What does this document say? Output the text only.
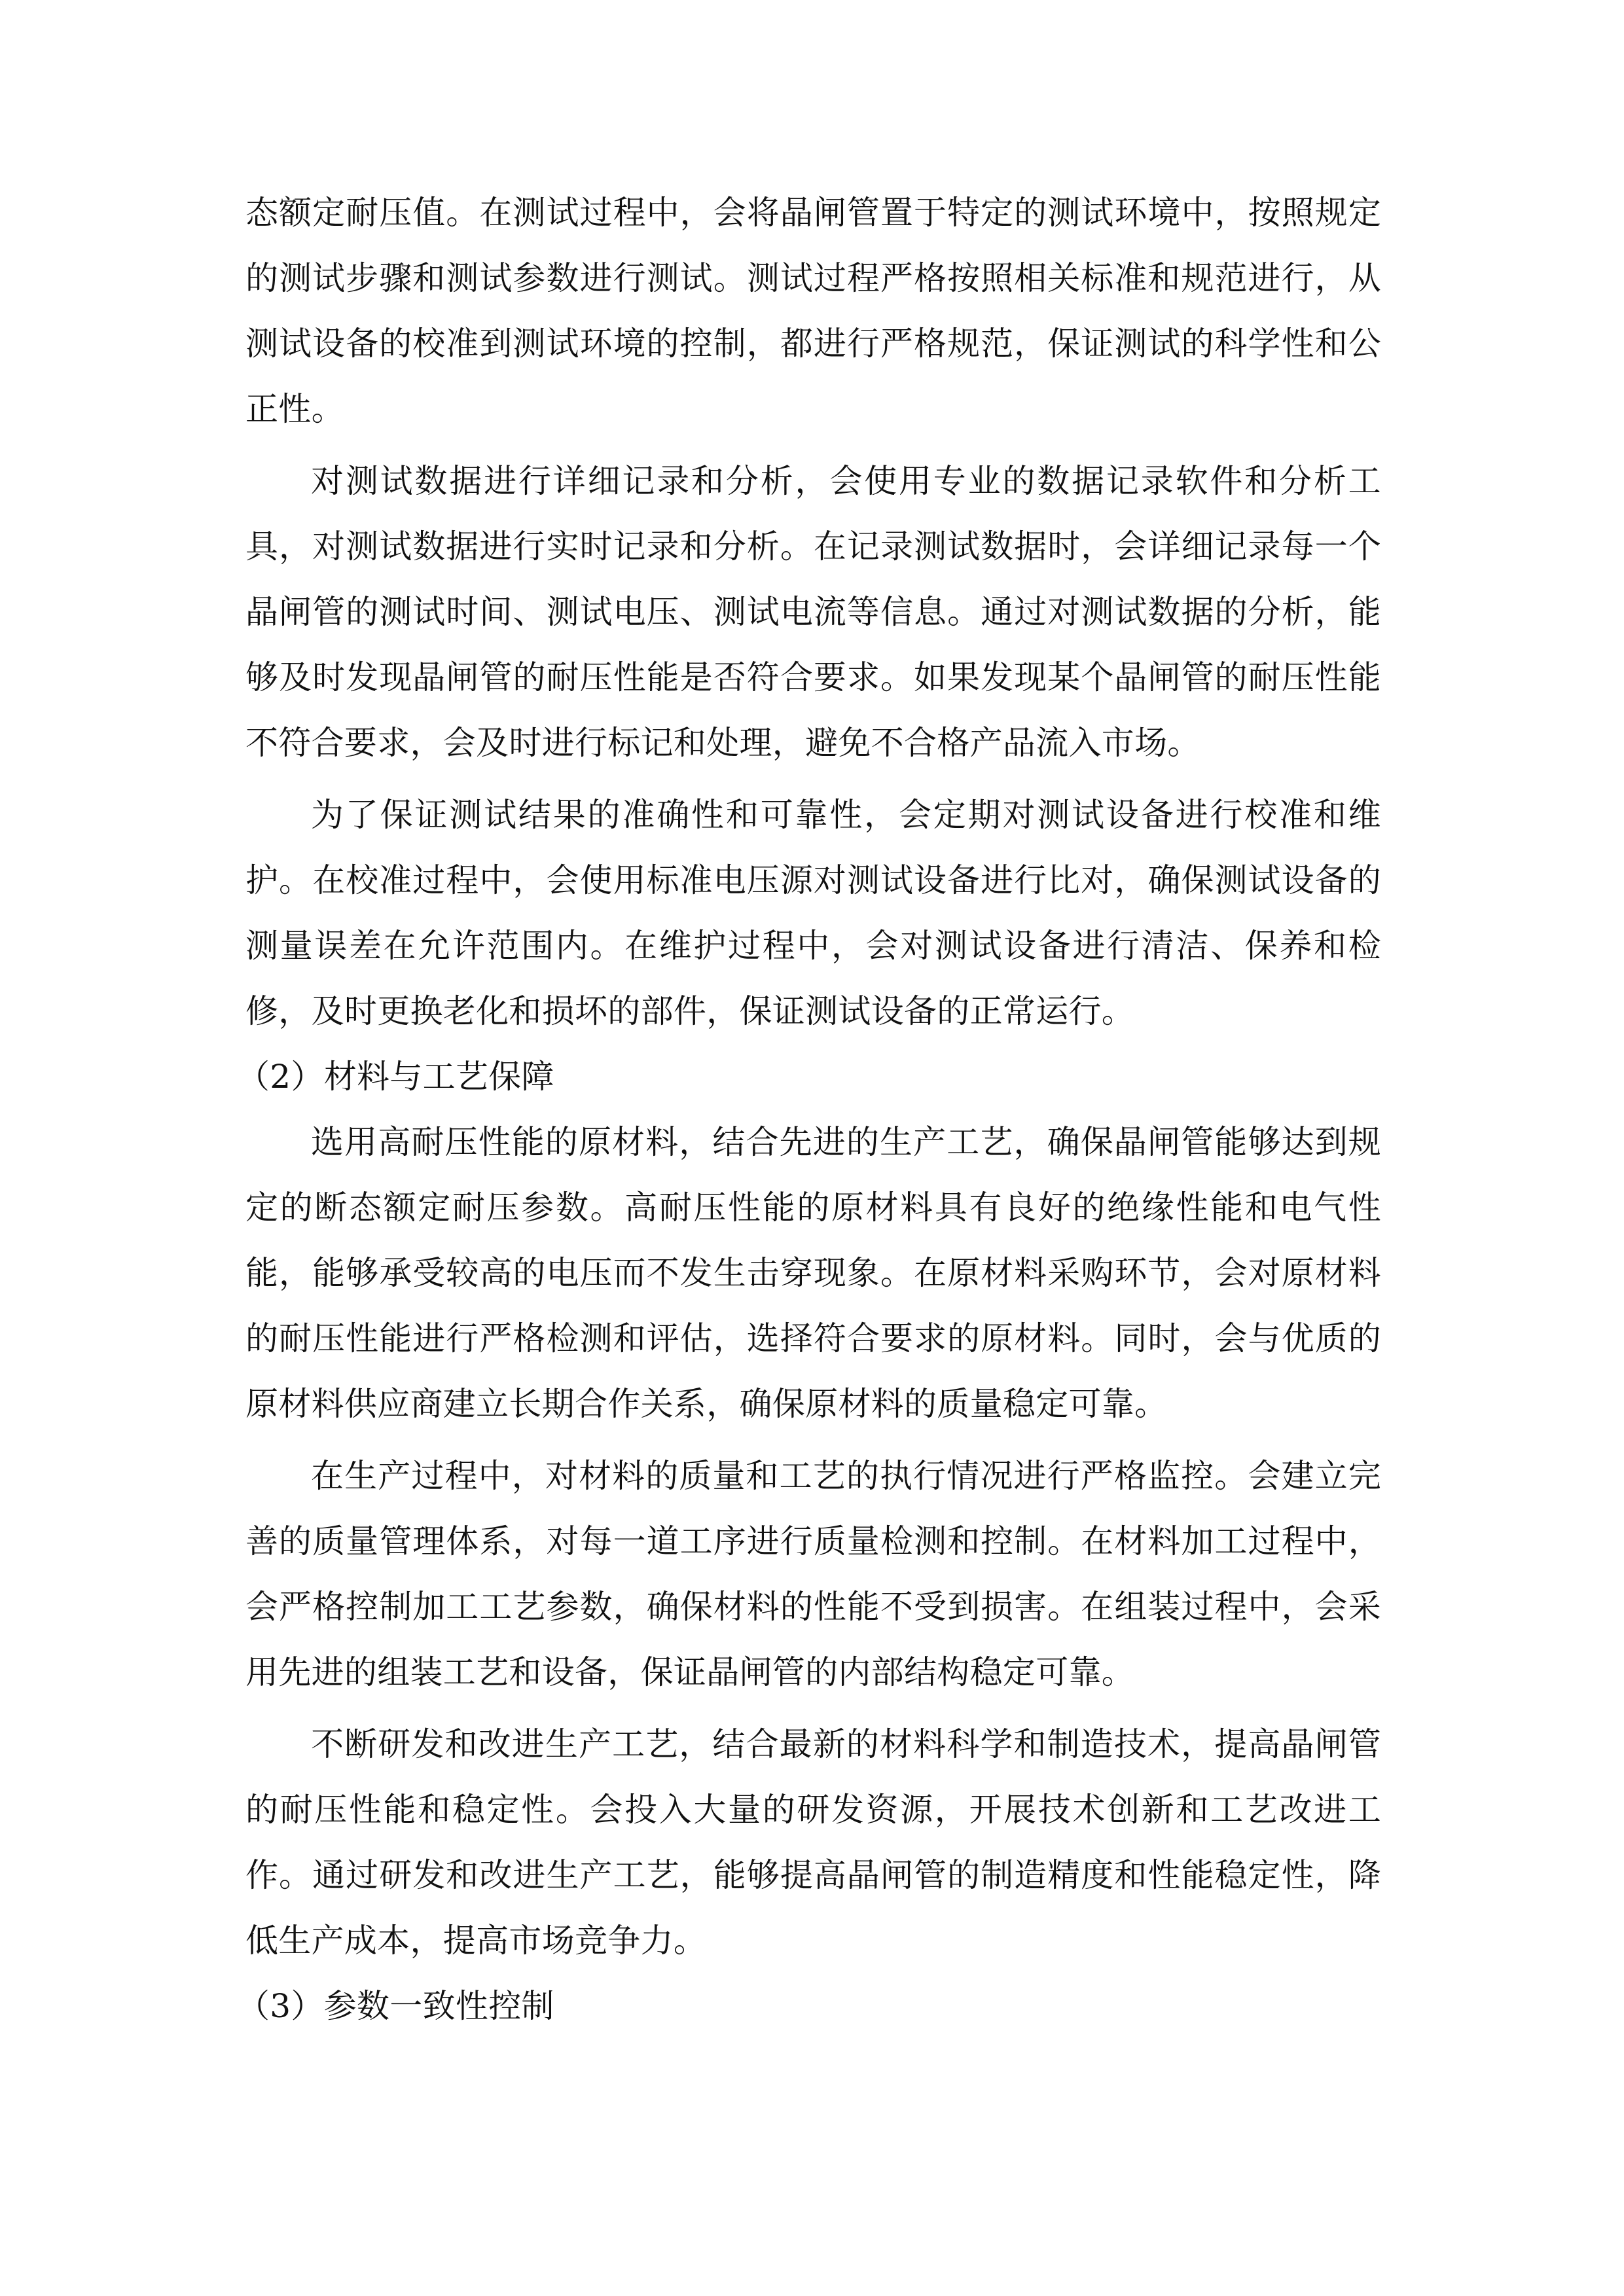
态额定耐压值。在测试过程中，会将晶闸管置于特定的测试环境中，按照规定
的测试步骤和测试参数进行测试。测试过程严格按照相关标准和规范进行，从
测试设备的校准到测试环境的控制，都进行严格规范，保证测试的科学性和公
正性。
对测试数据进行详细记录和分析，会使用专业的数据记录软件和分析工
具，对测试数据进行实时记录和分析。在记录测试数据时，会详细记录每一个
晶闸管的测试时间、测试电压、测试电流等信息。通过对测试数据的分析，能
够及时发现晶闸管的耐压性能是否符合要求。如果发现某个晶闸管的耐压性能
不符合要求，会及时进行标记和处理，避免不合格产品流入市场。
为了保证测试结果的准确性和可靠性，会定期对测试设备进行校准和维
护。在校准过程中，会使用标准电压源对测试设备进行比对，确保测试设备的
测量误差在允许范围内。在维护过程中，会对测试设备进行清洁、保养和检
修，及时更换老化和损坏的部件，保证测试设备的正常运行。
（2）材料与工艺保障
选用高耐压性能的原材料，结合先进的生产工艺，确保晶闸管能够达到规
定的断态额定耐压参数。高耐压性能的原材料具有良好的绝缘性能和电气性
能，能够承受较高的电压而不发生击穿现象。在原材料采购环节，会对原材料
的耐压性能进行严格检测和评估，选择符合要求的原材料。同时，会与优质的
原材料供应商建立长期合作关系，确保原材料的质量稳定可靠。
在生产过程中，对材料的质量和工艺的执行情况进行严格监控。会建立完
善的质量管理体系，对每一道工序进行质量检测和控制。在材料加工过程中，
会严格控制加工工艺参数，确保材料的性能不受到损害。在组装过程中，会采
用先进的组装工艺和设备，保证晶闸管的内部结构稳定可靠。
不断研发和改进生产工艺，结合最新的材料科学和制造技术，提高晶闸管
的耐压性能和稳定性。会投入大量的研发资源，开展技术创新和工艺改进工
作。通过研发和改进生产工艺，能够提高晶闸管的制造精度和性能稳定性，降
低生产成本，提高市场竞争力。
（3）参数一致性控制
